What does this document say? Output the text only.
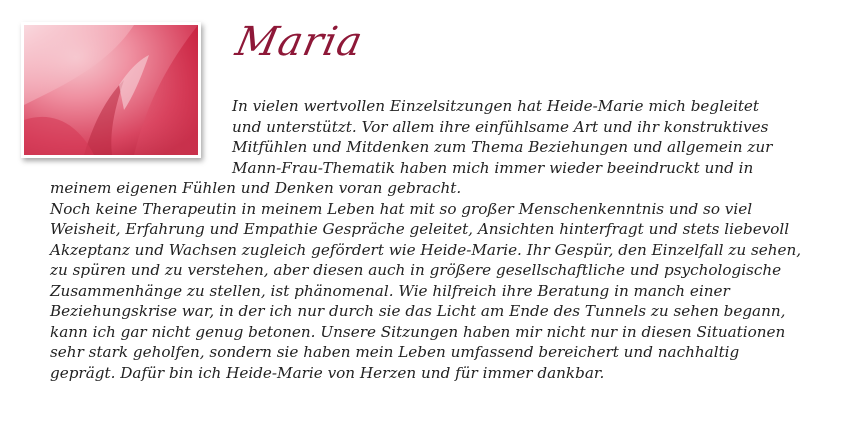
Maria
In vielen wertvollen Einzelsitzungen hat Heide-Marie mich begleitet
und unterstützt. Vor allem ihre einfühlsame Art und ihr konstruktives
Mitfühlen und Mitdenken zum Thema Beziehungen und allgemein zur
Mann-Frau-Thematik haben mich immer wieder beeindruckt und in
meinem eigenen Fühlen und Denken voran gebracht.
Noch keine Therapeutin in meinem Leben hat mit so großer Menschenkenntnis und so viel
Weisheit, Erfahrung und Empathie Gespräche geleitet, Ansichten hinterfragt und stets liebevoll
Akzeptanz und Wachsen zugleich gefördert wie Heide-Marie. Ihr Gespür, den Einzelfall zu sehen,
zu spüren und zu verstehen, aber diesen auch in größere gesellschaftliche und psychologische
Zusammenhänge zu stellen, ist phänomenal. Wie hilfreich ihre Beratung in manch einer
Beziehungskrise war, in der ich nur durch sie das Licht am Ende des Tunnels zu sehen begann,
kann ich gar nicht genug betonen. Unsere Sitzungen haben mir nicht nur in diesen Situationen
sehr stark geholfen, sondern sie haben mein Leben umfassend bereichert und nachhaltig
geprägt. Dafür bin ich Heide-Marie von Herzen und für immer dankbar.
